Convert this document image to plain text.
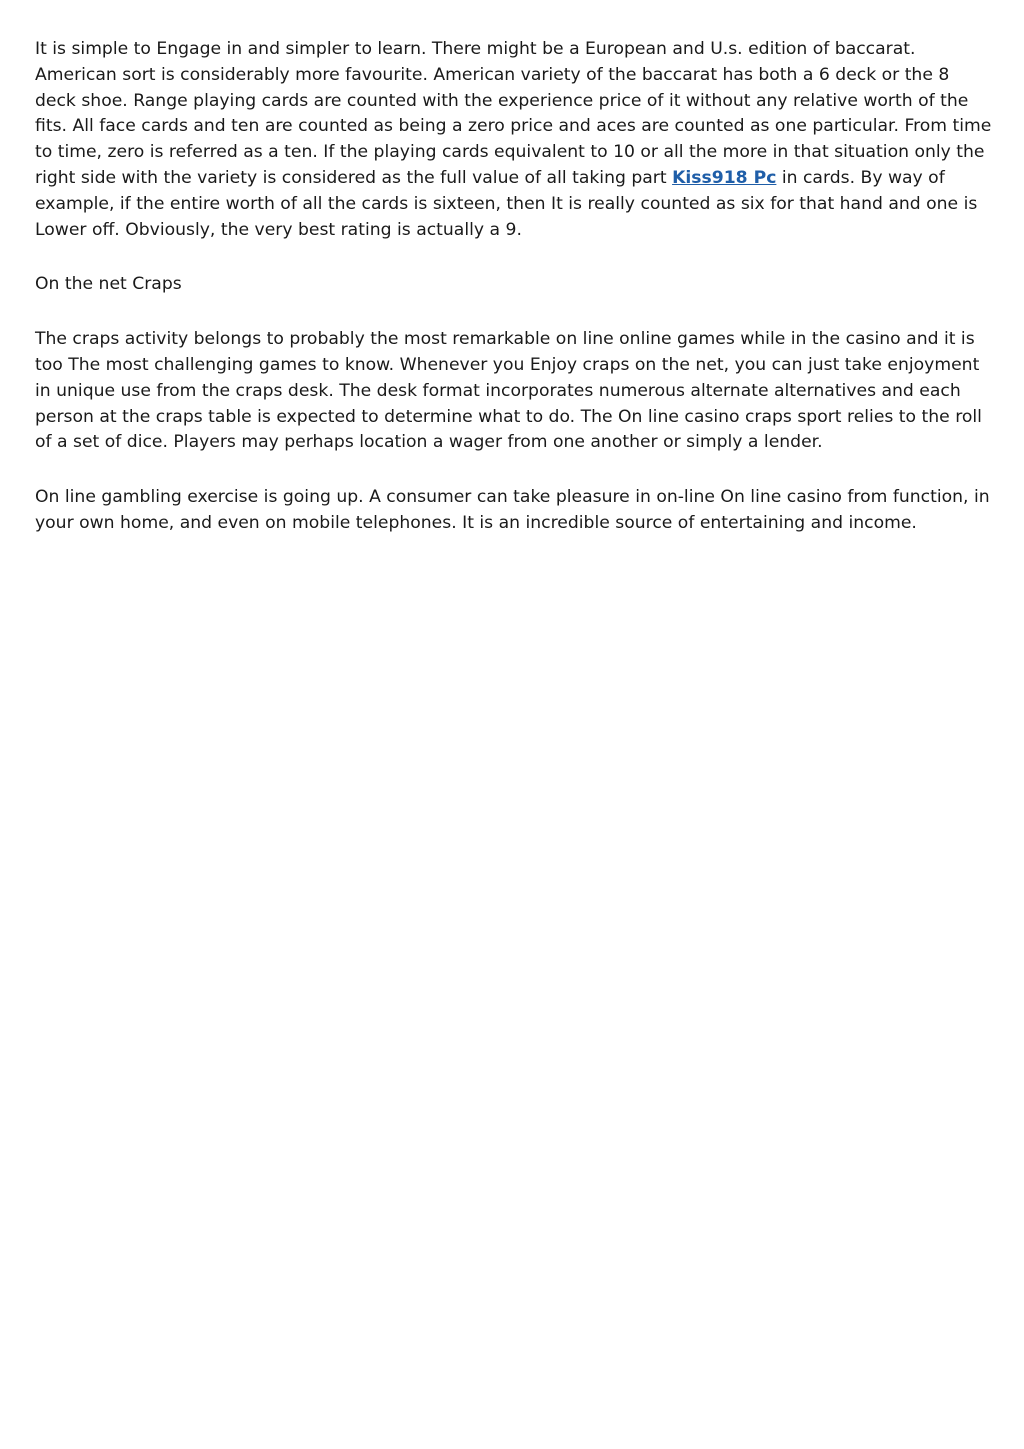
It is simple to Engage in and simpler to learn. There might be a European and U.s. edition of baccarat. American sort is considerably more favourite. American variety of the baccarat has both a 6 deck or the 8 deck shoe. Range playing cards are counted with the experience price of it without any relative worth of the fits. All face cards and ten are counted as being a zero price and aces are counted as one particular. From time to time, zero is referred as a ten. If the playing cards equivalent to 10 or all the more in that situation only the right side with the variety is considered as the full value of all taking part Kiss918 Pc in cards. By way of example, if the entire worth of all the cards is sixteen, then It is really counted as six for that hand and one is Lower off. Obviously, the very best rating is actually a 9.

On the net Craps

The craps activity belongs to probably the most remarkable on line online games while in the casino and it is too The most challenging games to know. Whenever you Enjoy craps on the net, you can just take enjoyment in unique use from the craps desk. The desk format incorporates numerous alternate alternatives and each person at the craps table is expected to determine what to do. The On line casino craps sport relies to the roll of a set of dice. Players may perhaps location a wager from one another or simply a lender.

On line gambling exercise is going up. A consumer can take pleasure in on-line On line casino from function, in your own home, and even on mobile telephones. It is an incredible source of entertaining and income.
